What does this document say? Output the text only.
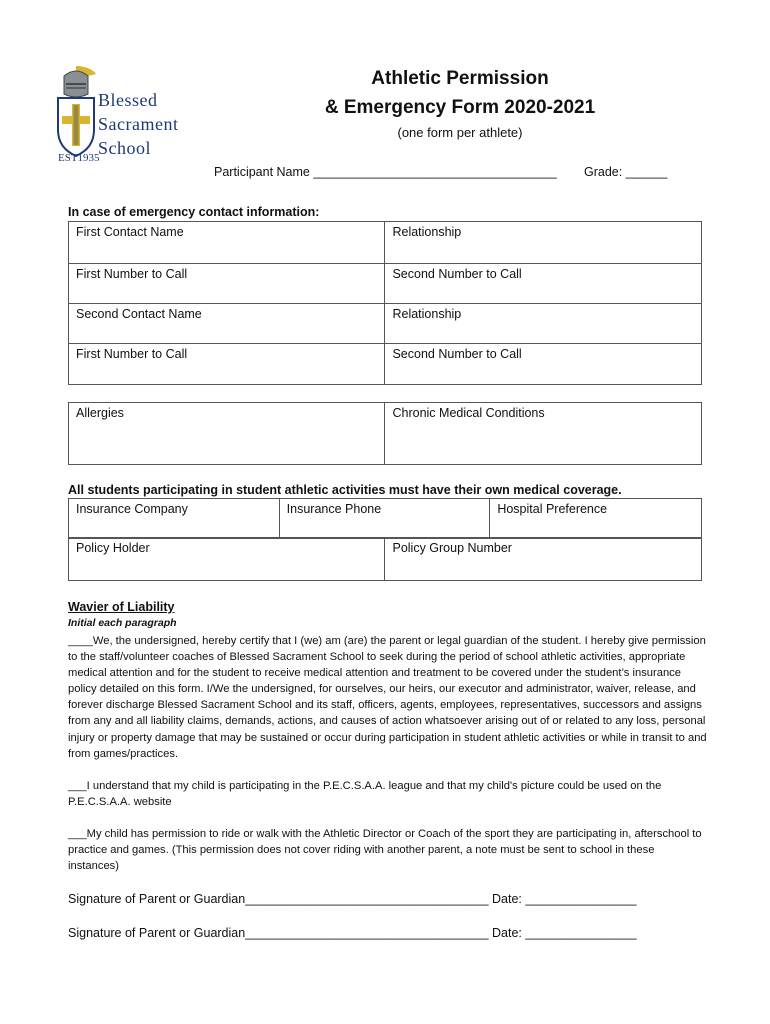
Blessed
Sacrament
School
EST1935
Athletic Permission
& Emergency Form 2020-2021
(one form per athlete)
Participant Name ___________________________________ Grade: ______
In case of emergency contact information:
First Contact Name	Relationship
First Number to Call	Second Number to Call
Second Contact Name	Relationship
First Number to Call	Second Number to Call
Allergies	Chronic Medical Conditions
All students participating in student athletic activities must have their own medical coverage.
Insurance Company	Insurance Phone	Hospital Preference
Policy Holder	Policy Group Number
Wavier of Liability
Initial each paragraph
____We, the undersigned, hereby certify that I (we) am (are) the parent or legal guardian of the student. I hereby give permission to the staff/volunteer coaches of Blessed Sacrament School to seek during the period of school athletic activities, appropriate medical attention and for the student to receive medical attention and treatment to be covered under the student’s insurance policy detailed on this form. I/We the undersigned, for ourselves, our heirs, our executor and administrator, waiver, release, and forever discharge Blessed Sacrament School and its staff, officers, agents, employees, representatives, successors and assigns from any and all liability claims, demands, actions, and causes of action whatsoever arising out of or related to any loss, personal injury or property damage that may be sustained or occur during participation in student athletic activities or while in transit to and from games/practices.
___I understand that my child is participating in the P.E.C.S.A.A. league and that my child's picture could be used on the P.E.C.S.A.A. website
___My child has permission to ride or walk with the Athletic Director or Coach of the sport they are participating in, afterschool to practice and games. (This permission does not cover riding with another parent, a note must be sent to school in these instances)
Signature of Parent or Guardian___________________________________ Date: ________________
Signature of Parent or Guardian___________________________________ Date: ________________
